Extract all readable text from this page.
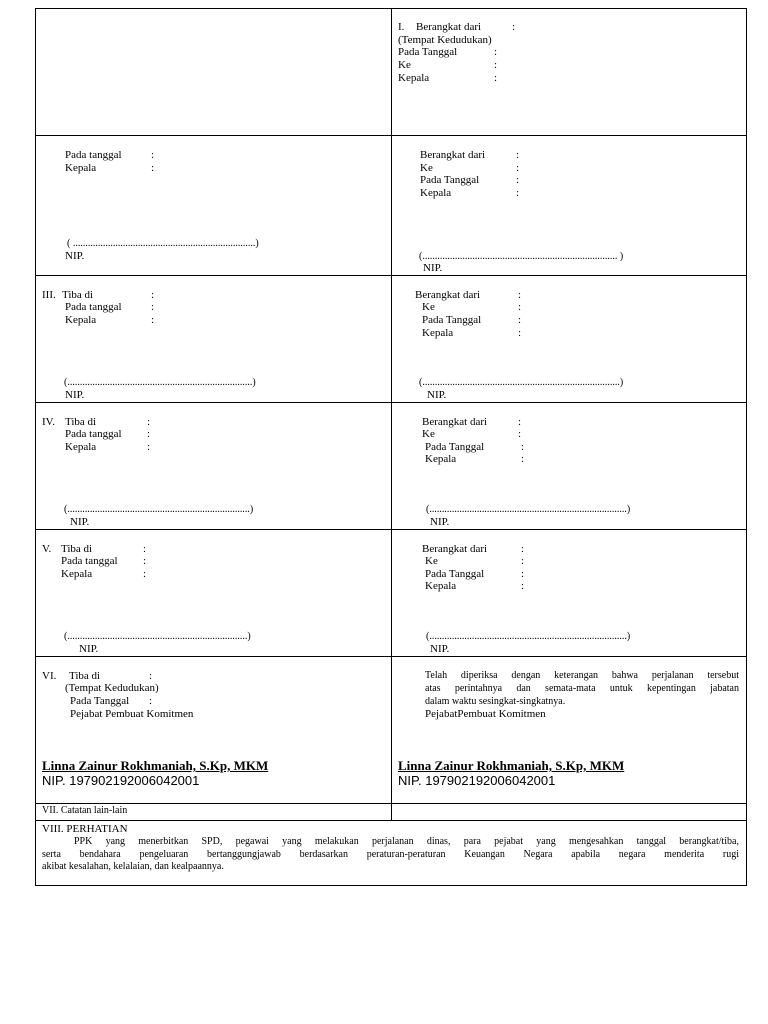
I. Berangkat dari	:
(Tempat Kedudukan)
Pada Tanggal	:
Ke	:
Kepala	:
Pada tanggal	:
Kepala	:
( .........................................................................)
NIP.
Berangkat dari	:
Ke	:
Pada Tanggal	:
Kepala	:
(.............................................................................. )
NIP.
III. Tiba di	:
Pada tanggal	:
Kepala	:
(..........................................................................)
NIP.
Berangkat dari	:
Ke	:
Pada Tanggal	:
Kepala	:
(...............................................................................)
NIP.
IV. Tiba di	:
Pada tanggal :
Kepala	:
(.........................................................................)
NIP.
Berangkat dari	:
Ke	:
Pada Tanggal	:
Kepala	:
(...............................................................................)
NIP.
V. Tiba di	:
Pada tanggal :
Kepala	:
(........................................................................)
NIP.
Berangkat dari	:
Ke	:
Pada Tanggal	:
Kepala	:
(...............................................................................)
NIP.
VI. Tiba di	:
(Tempat Kedudukan)
Pada Tanggal :
Pejabat Pembuat Komitmen
Linna Zainur Rokhmaniah, S.Kp, MKM
NIP. 197902192006042001
Telah diperiksa dengan keterangan bahwa perjalanan tersebut
atas perintahnya dan semata-mata untuk kepentingan jabatan
dalam waktu sesingkat-singkatnya.
PejabatPembuat Komitmen
Linna Zainur Rokhmaniah, S.Kp, MKM
NIP. 197902192006042001
VII. Catatan lain-lain
VIII. PERHATIAN
PPK yang menerbitkan SPD, pegawai yang melakukan perjalanan dinas, para pejabat yang mengesahkan tanggal berangkat/tiba,
serta bendahara pengeluaran bertanggungjawab berdasarkan peraturan-peraturan Keuangan Negara apabila negara menderita rugi
akibat kesalahan, kelalaian, dan kealpaannya.
